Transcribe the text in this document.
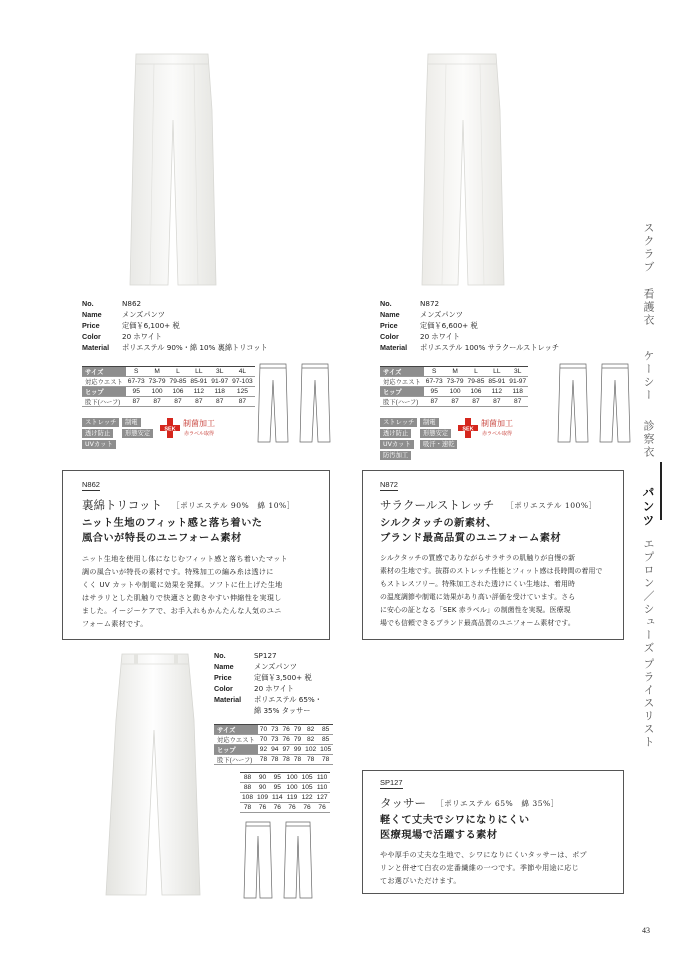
No.	N862
Name	メンズパンツ
Price	定価￥6,100+ 税
Color	20 ホワイト
Material	ポリエステル 90%・綿 10% 裏綿トリコット
サイズ	S	M	L	LL	3L	4L
対応ウエスト	67-73	73-79	79-85	85-91	91-97	97-103
ヒップ	95	100	106	112	118	125
股下(ハーフ)	87	87	87	87	87	87
ストレッチ	制電
透け防止	形態安定
UVカット
SEK
制菌加工
赤ラベル取得
No.	N872
Name	メンズパンツ
Price	定価￥6,600+ 税
Color	20 ホワイト
Material	ポリエステル 100% サラクールストレッチ
サイズ	S	M	L	LL	3L
対応ウエスト	67-73	73-79	79-85	85-91	91-97
ヒップ	95	100	106	112	118
股下(ハーフ)	87	87	87	87	87
ストレッチ	制電
透け防止	形態安定
UVカット	吸汗・速乾
防汚加工
SEK
制菌加工
赤ラベル取得
N862
裏綿トリコット ［ポリエステル 90%　綿 10%］
ニット生地のフィット感と落ち着いた
風合いが特長のユニフォーム素材
ニット生地を使用し体になじむフィット感と落ち着いたマット
調の風合いが特長の素材です。特殊加工の編み糸は透けに
くく UV カットや制電に効果を発揮。ソフトに仕上げた生地
はサラリとした肌触りで快適さと動きやすい伸縮性を実現し
ました。イージーケアで、お手入れもかんたんな人気のユニ
フォーム素材です。
N872
サラクールストレッチ ［ポリエステル 100%］
シルクタッチの新素材、
ブランド最高品質のユニフォーム素材
シルクタッチの質感でありながらサラサラの肌触りが自慢の新
素材の生地です。抜群のストレッチ性能とフィット感は長時間の着用で
もストレスフリー。特殊加工された透けにくい生地は、着用時
の温度調節や制電に効果があり高い評価を受けています。さら
に安心の証となる「SEK 赤ラベル」の制菌性を実現。医療現
場でも信頼できるブランド最高品質のユニフォーム素材です。
No.	SP127
Name	メンズパンツ
Price	定価￥3,500+ 税
Color	20 ホワイト
Material	ポリエステル 65%・
綿 35% タッサー
サイズ	70	73	76	79	82	85
対応ウエスト	70	73	76	79	82	85
ヒップ	92	94	97	99	102	105
股下(ハーフ)	78	78	78	78	78	78
88	90	95	100	105	110
88	90	95	100	105	110
108	109	114	119	122	127
78	76	76	76	76	76
SP127
タッサー ［ポリエステル 65%　綿 35%］
軽くて丈夫でシワになりにくい
医療現場で活躍する素材
やや厚手の丈夫な生地で、シワになりにくいタッサーは、ポプ
リンと併せて白衣の定番繊維の一つです。季節や用途に応じ
てお選びいただけます。
スクラブ
看護衣
ケーシー
診察衣
パンツ
エプロン／シューズ
プライスリスト
43
